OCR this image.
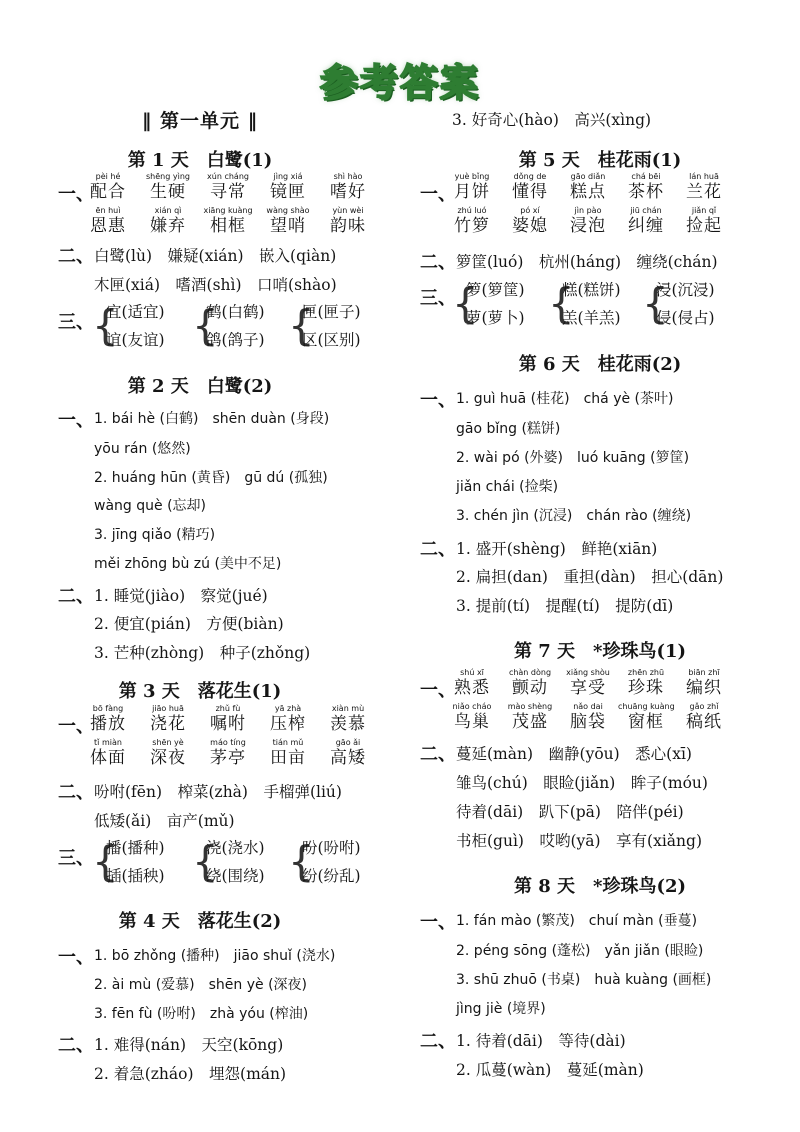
参考答案
‖ 第一单元 ‖
第 1 天　白鹭(1)
一、
pèi hé
配合
shēng yìng
生硬
xún cháng
寻常
jìng xiá
镜匣
shì hào
嗜好
ēn huì
恩惠
xián qì
嫌弃
xiāng kuàng
相框
wàng shào
望哨
yùn wèi
韵味
二、 白鹭(lù)　嫌疑(xián)　嵌入(qiàn)
木匣(xiá)　嗜酒(shì)　口哨(shào)
三、
{
宜(适宜)
谊(友谊) {
鹤(白鹤)
鸽(鸽子) {
匣(匣子)
区(区别)
第 2 天　白鹭(2)
一、 1. bái hè (白鹤)　shēn duàn (身段)
yōu rán (悠然)
2. huáng hūn (黄昏)　gū dú (孤独)
wàng què (忘却)
3. jīng qiǎo (精巧)
měi zhōng bù zú (美中不足)
二、 1. 睡觉(jiào)　察觉(jué)
2. 便宜(pián)　方便(biàn)
3. 芒种(zhòng)　种子(zhǒng)
第 3 天　落花生(1)
一、
bō fàng
播放
jiāo huā
浇花
zhǔ fù
嘱咐
yā zhà
压榨
xiàn mù
羡慕
tǐ miàn
体面
shēn yè
深夜
máo tíng
茅亭
tián mǔ
田亩
gāo ǎi
高矮
二、 吩咐(fēn)　榨菜(zhà)　手榴弹(liú)
低矮(ǎi)　亩产(mǔ)
三、
{
播(播种)
插(插秧) {
浇(浇水)
绕(围绕) {
吩(吩咐)
纷(纷乱)
第 4 天　落花生(2)
一、 1. bō zhǒng (播种)　jiāo shuǐ (浇水)
2. ài mù (爱慕)　shēn yè (深夜)
3. fēn fù (吩咐)　zhà yóu (榨油)
二、 1. 难得(nán)　天空(kōng)
2. 着急(zháo)　埋怨(mán)
3. 好奇心(hào)　高兴(xìng)
第 5 天　桂花雨(1)
一、
yuè bǐng
月饼
dǒng de
懂得
gāo diǎn
糕点
chá bēi
茶杯
lán huā
兰花
zhú luó
竹箩
pó xí
婆媳
jìn pào
浸泡
jiū chán
纠缠
jiǎn qǐ
捡起
二、 箩筐(luó)　杭州(háng)　缠绕(chán)
三、
{
箩(箩筐)
萝(萝卜) {
糕(糕饼)
羔(羊羔) {
浸(沉浸)
侵(侵占)
第 6 天　桂花雨(2)
一、 1. guì huā (桂花)　chá yè (茶叶)
gāo bǐng (糕饼)
2. wài pó (外婆)　luó kuāng (箩筐)
jiǎn chái (捡柴)
3. chén jìn (沉浸)　chán rào (缠绕)
二、 1. 盛开(shèng)　鲜艳(xiān)
2. 扁担(dan)　重担(dàn)　担心(dān)
3. 提前(tí)　提醒(tí)　提防(dī)
第 7 天　*珍珠鸟(1)
一、
shú xī
熟悉
chàn dòng
颤动
xiǎng shòu
享受
zhēn zhū
珍珠
biān zhī
编织
niǎo cháo
鸟巢
mào shèng
茂盛
nǎo dai
脑袋
chuāng kuàng
窗框
gǎo zhǐ
稿纸
二、 蔓延(màn)　幽静(yōu)　悉心(xī)
雏鸟(chú)　眼睑(jiǎn)　眸子(móu)
待着(dāi)　趴下(pā)　陪伴(péi)
书柜(guì)　哎哟(yā)　享有(xiǎng)
第 8 天　*珍珠鸟(2)
一、 1. fán mào (繁茂)　chuí màn (垂蔓)
2. péng sōng (蓬松)　yǎn jiǎn (眼睑)
3. shū zhuō (书桌)　huà kuàng (画框)
jìng jiè (境界)
二、 1. 待着(dāi)　等待(dài)
2. 瓜蔓(wàn)　蔓延(màn)
